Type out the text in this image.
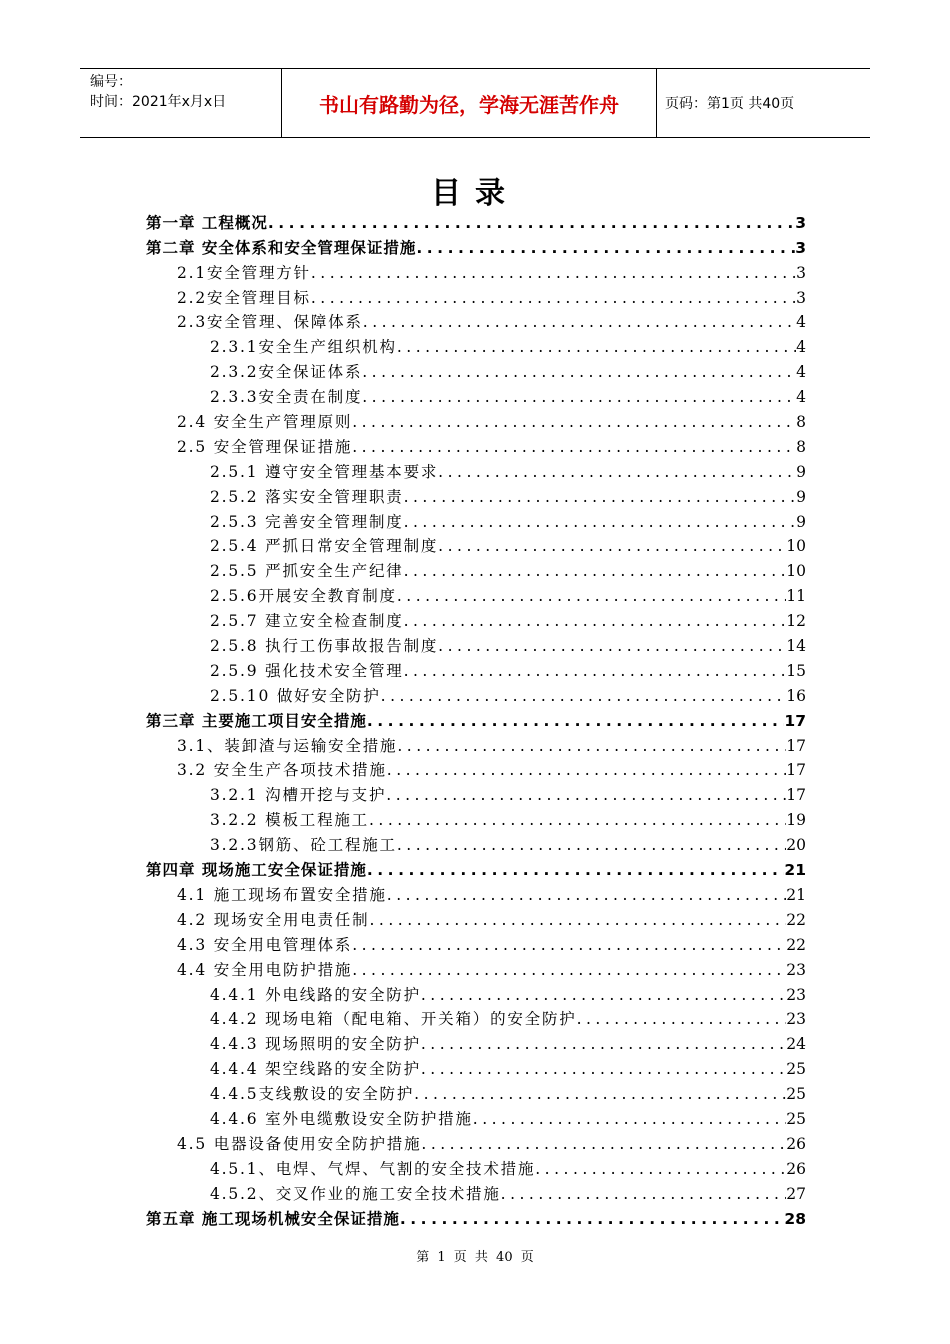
编号：
时间：2021年x月x日	书山有路勤为径，学海无涯苦作舟	页码：第1页 共40页
目录
第一章 工程概况 .....	3
第二章 安全体系和安全管理保证措施 .....	3
2.1安全管理方针 .....	3
2.2安全管理目标 .....	3
2.3安全管理、保障体系 .....	4
2.3.1安全生产组织机构 .....	4
2.3.2安全保证体系 .....	4
2.3.3安全责在制度 .....	4
2.4 安全生产管理原则 .....	8
2.5 安全管理保证措施 .....	8
2.5.1 遵守安全管理基本要求 .....	9
2.5.2 落实安全管理职责 .....	9
2.5.3 完善安全管理制度 .....	9
2.5.4 严抓日常安全管理制度 .....	10
2.5.5 严抓安全生产纪律 .....	10
2.5.6开展安全教育制度 .....	11
2.5.7 建立安全检查制度 .....	12
2.5.8 执行工伤事故报告制度 .....	14
2.5.9 强化技术安全管理 .....	15
2.5.10 做好安全防护 .....	16
第三章 主要施工项目安全措施 .....	17
3.1、装卸渣与运输安全措施 .....	17
3.2 安全生产各项技术措施 .....	17
3.2.1 沟槽开挖与支护 .....	17
3.2.2 模板工程施工 .....	19
3.2.3钢筋、砼工程施工 .....	20
第四章 现场施工安全保证措施 .....	21
4.1 施工现场布置安全措施 .....	21
4.2 现场安全用电责任制 .....	22
4.3 安全用电管理体系 .....	22
4.4 安全用电防护措施 .....	23
4.4.1 外电线路的安全防护 .....	23
4.4.2 现场电箱（配电箱、开关箱）的安全防护 .....	23
4.4.3 现场照明的安全防护 .....	24
4.4.4 架空线路的安全防护 .....	25
4.4.5支线敷设的安全防护 .....	25
4.4.6 室外电缆敷设安全防护措施 .....	25
4.5 电器设备使用安全防护措施 .....	26
4.5.1、电焊、气焊、气割的安全技术措施 .....	26
4.5.2、交叉作业的施工安全技术措施 .....	27
第五章 施工现场机械安全保证措施 .....	28
第 1 页 共 40 页
